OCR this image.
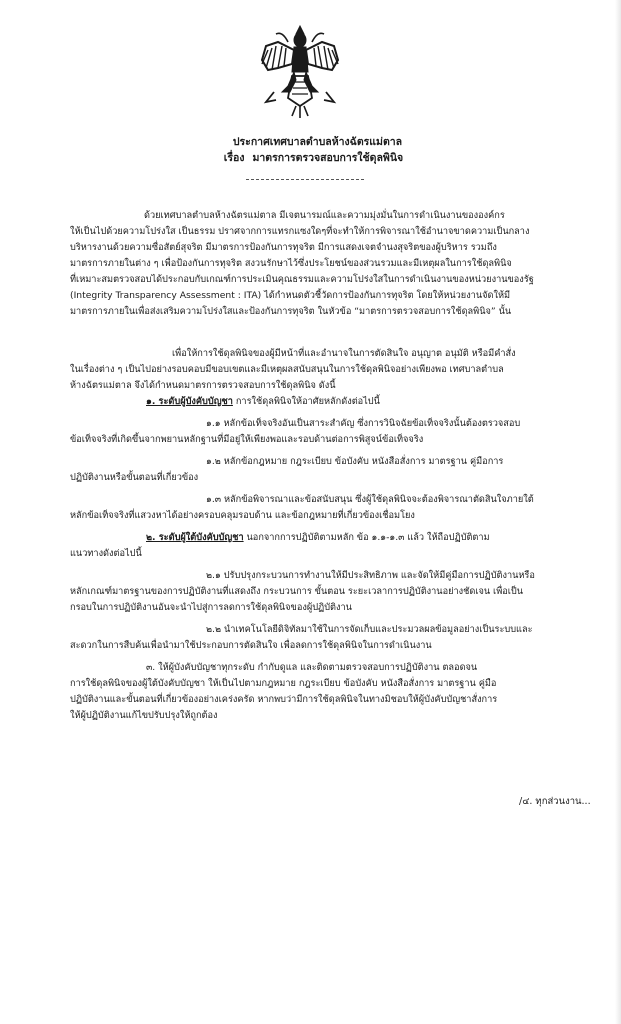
ประกาศเทศบาลตำบลห้างฉัตรแม่ตาล
เรื่อง มาตรการตรวจสอบการใช้ดุลพินิจ
ด้วยเทศบาลตำบลห้างฉัตรแม่ตาล มีเจตนารมณ์และความมุ่งมั่นในการดำเนินงานขององค์กร
ให้เป็นไปด้วยความโปร่งใส เป็นธรรม ปราศจากการแทรกแซงใดๆที่จะทำให้การพิจารณาใช้อำนาจขาดความเป็นกลาง
บริหารงานด้วยความซื่อสัตย์สุจริต มีมาตรการป้องกันการทุจริต มีการแสดงเจตจำนงสุจริตของผู้บริหาร รวมถึง
มาตรการภายในต่าง ๆ เพื่อป้องกันการทุจริต สงวนรักษาไว้ซึ่งประโยชน์ของส่วนรวมและมีเหตุผลในการใช้ดุลพินิจ
ที่เหมาะสมตรวจสอบได้ประกอบกับเกณฑ์การประเมินคุณธรรมและความโปร่งใสในการดำเนินงานของหน่วยงานของรัฐ
(Integrity Transparency Assessment : ITA) ได้กำหนดตัวชี้วัดการป้องกันการทุจริต โดยให้หน่วยงานจัดให้มี
มาตรการภายในเพื่อส่งเสริมความโปร่งใสและป้องกันการทุจริต ในหัวข้อ “มาตรการตรวจสอบการใช้ดุลพินิจ” นั้น
เพื่อให้การใช้ดุลพินิจของผู้มีหน้าที่และอำนาจในการตัดสินใจ อนุญาต อนุมัติ หรือมีคำสั่ง
ในเรื่องต่าง ๆ เป็นไปอย่างรอบคอบมีขอบเขตและมีเหตุผลสนับสนุนในการใช้ดุลพินิจอย่างเพียงพอ เทศบาลตำบล
ห้างฉัตรแม่ตาล จึงได้กำหนดมาตรการตรวจสอบการใช้ดุลพินิจ ดังนี้
๑. ระดับผู้บังคับบัญชา การใช้ดุลพินิจให้อาศัยหลักดังต่อไปนี้
๑.๑ หลักข้อเท็จจริงอันเป็นสาระสำคัญ ซึ่งการวินิจฉัยข้อเท็จจริงนั้นต้องตรวจสอบ
ข้อเท็จจริงที่เกิดขึ้นจากพยานหลักฐานที่มีอยู่ให้เพียงพอและรอบด้านต่อการพิสูจน์ข้อเท็จจริง
๑.๒ หลักข้อกฎหมาย กฎระเบียบ ข้อบังคับ หนังสือสั่งการ มาตรฐาน คู่มือการ
ปฏิบัติงานหรือขั้นตอนที่เกี่ยวข้อง
๑.๓ หลักข้อพิจารณาและข้อสนับสนุน ซึ่งผู้ใช้ดุลพินิจจะต้องพิจารณาตัดสินใจภายใต้
หลักข้อเท็จจริงที่แสวงหาได้อย่างครอบคลุมรอบด้าน และข้อกฎหมายที่เกี่ยวข้องเชื่อมโยง
๒. ระดับผู้ใต้บังคับบัญชา นอกจากการปฏิบัติตามหลัก ข้อ ๑.๑-๑.๓ แล้ว ให้ถือปฏิบัติตาม
แนวทางดังต่อไปนี้
๒.๑ ปรับปรุงกระบวนการทำงานให้มีประสิทธิภาพ และจัดให้มีคู่มือการปฏิบัติงานหรือ
หลักเกณฑ์มาตรฐานของการปฏิบัติงานที่แสดงถึง กระบวนการ ขั้นตอน ระยะเวลาการปฏิบัติงานอย่างชัดเจน เพื่อเป็น
กรอบในการปฏิบัติงานอันจะนำไปสู่การลดการใช้ดุลพินิจของผู้ปฏิบัติงาน
๒.๒ นำเทคโนโลยีดิจิทัลมาใช้ในการจัดเก็บและประมวลผลข้อมูลอย่างเป็นระบบและ
สะดวกในการสืบค้นเพื่อนำมาใช้ประกอบการตัดสินใจ เพื่อลดการใช้ดุลพินิจในการดำเนินงาน
๓. ให้ผู้บังคับบัญชาทุกระดับ กำกับดูแล และติดตามตรวจสอบการปฏิบัติงาน ตลอดจน
การใช้ดุลพินิจของผู้ใต้บังคับบัญชา ให้เป็นไปตามกฎหมาย กฎระเบียบ ข้อบังคับ หนังสือสั่งการ มาตรฐาน คู่มือ
ปฏิบัติงานและขั้นตอนที่เกี่ยวข้องอย่างเคร่งครัด หากพบว่ามีการใช้ดุลพินิจในทางมิชอบให้ผู้บังคับบัญชาสั่งการ
ให้ผู้ปฏิบัติงานแก้ไขปรับปรุงให้ถูกต้อง
/๔. ทุกส่วนงาน...
